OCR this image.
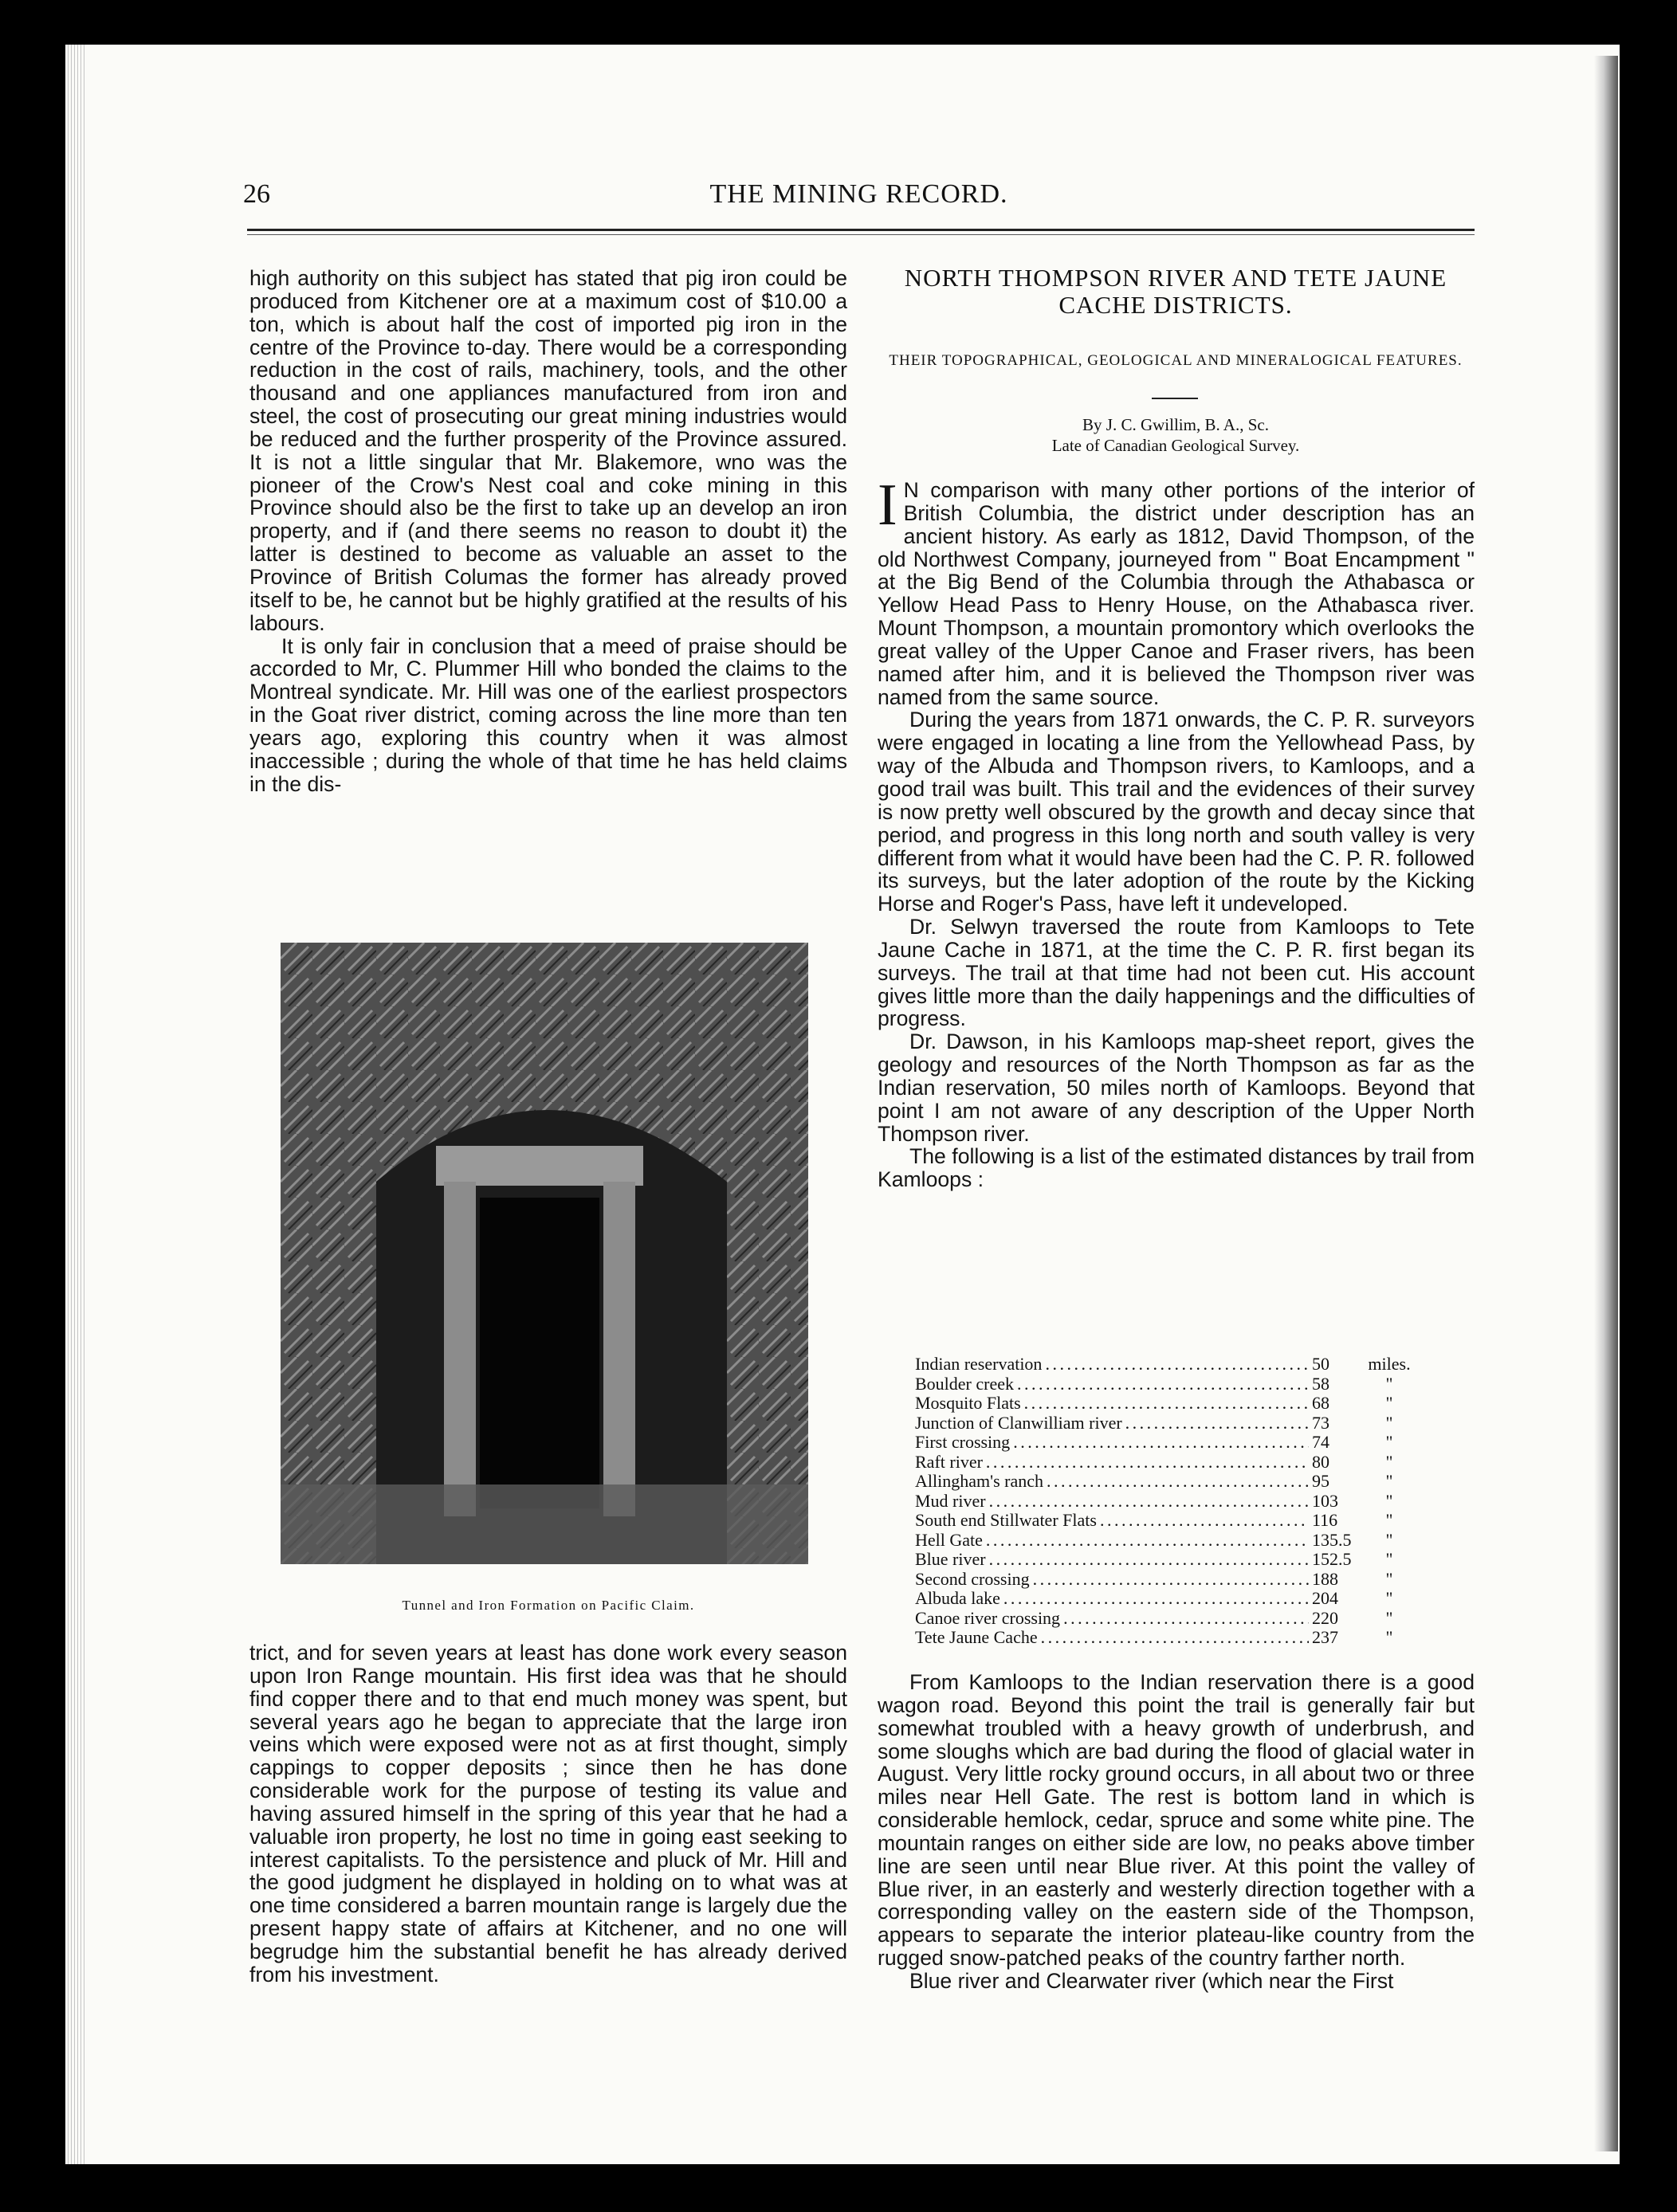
26	THE MINING RECORD.

high authority on this subject has stated that pig iron could be produced from Kitchener ore at a maximum cost of $10.00 a ton, which is about half the cost of imported pig iron in the centre of the Province to-day. There would be a corresponding reduction in the cost of rails, machinery, tools, and the other thousand and one appliances manufactured from iron and steel, the cost of prosecuting our great mining industries would be reduced and the further prosperity of the Province assured. It is not a little singular that Mr. Blakemore, wno was the pioneer of the Crow's Nest coal and coke mining in this Province should also be the first to take up an develop an iron property, and if (and there seems no reason to doubt it) the latter is destined to become as valuable an asset to the Province of British Columas the former has already proved itself to be, he cannot but be highly gratified at the results of his labours.

It is only fair in conclusion that a meed of praise should be accorded to Mr, C. Plummer Hill who bonded the claims to the Montreal syndicate. Mr. Hill was one of the earliest prospectors in the Goat river district, coming across the line more than ten years ago, exploring this country when it was almost inaccessible ; during the whole of that time he has held claims in the dis-

Tunnel and Iron Formation on Pacific Claim.

trict, and for seven years at least has done work every season upon Iron Range mountain. His first idea was that he should find copper there and to that end much money was spent, but several years ago he began to appreciate that the large iron veins which were exposed were not as at first thought, simply cappings to copper deposits ; since then he has done considerable work for the purpose of testing its value and having assured himself in the spring of this year that he had a valuable iron property, he lost no time in going east seeking to interest capitalists. To the persistence and pluck of Mr. Hill and the good judgment he displayed in holding on to what was at one time considered a barren mountain range is largely due the present happy state of affairs at Kitchener, and no one will begrudge him the substantial benefit he has already derived from his investment.

NORTH THOMPSON RIVER AND TETE JAUNE CACHE DISTRICTS.
THEIR TOPOGRAPHICAL, GEOLOGICAL AND MINERALOGICAL FEATURES.
By J. C. Gwillim, B. A., Sc.
Late of Canadian Geological Survey.

I N comparison with many other portions of the interior of British Columbia, the district under description has an ancient history. As early as 1812, David Thompson, of the old Northwest Company, journeyed from " Boat Encampment " at the Big Bend of the Columbia through the Athabasca or Yellow Head Pass to Henry House, on the Athabasca river. Mount Thompson, a mountain promontory which overlooks the great valley of the Upper Canoe and Fraser rivers, has been named after him, and it is believed the Thompson river was named from the same source.

During the years from 1871 onwards, the C. P. R. surveyors were engaged in locating a line from the Yellowhead Pass, by way of the Albuda and Thompson rivers, to Kamloops, and a good trail was built. This trail and the evidences of their survey is now pretty well obscured by the growth and decay since that period, and progress in this long north and south valley is very different from what it would have been had the C. P. R. followed its surveys, but the later adoption of the route by the Kicking Horse and Roger's Pass, have left it undeveloped.

Dr. Selwyn traversed the route from Kamloops to Tete Jaune Cache in 1871, at the time the C. P. R. first began its surveys. The trail at that time had not been cut. His account gives little more than the daily happenings and the difficulties of progress.

Dr. Dawson, in his Kamloops map-sheet report, gives the geology and resources of the North Thompson as far as the Indian reservation, 50 miles north of Kamloops. Beyond that point I am not aware of any description of the Upper North Thompson river.

The following is a list of the estimated distances by trail from Kamloops :

Indian reservation . . .	50	miles.
Boulder creek . . .	58	"
Mosquito Flats . . .	68	"
Junction of Clanwilliam river . . .	73	"
First crossing . . .	74	"
Raft river . . .	80	"
Allingham's ranch . . .	95	"
Mud river . . .	103	"
South end Stillwater Flats . . .	116	"
Hell Gate . . .	135.5	"
Blue river . . .	152.5	"
Second crossing . . .	188	"
Albuda lake . . .	204	"
Canoe river crossing . . .	220	"
Tete Jaune Cache . . .	237	"

From Kamloops to the Indian reservation there is a good wagon road. Beyond this point the trail is generally fair but somewhat troubled with a heavy growth of underbrush, and some sloughs which are bad during the flood of glacial water in August. Very little rocky ground occurs, in all about two or three miles near Hell Gate. The rest is bottom land in which is considerable hemlock, cedar, spruce and some white pine. The mountain ranges on either side are low, no peaks above timber line are seen until near Blue river. At this point the valley of Blue river, in an easterly and westerly direction together with a corresponding valley on the eastern side of the Thompson, appears to separate the interior plateau-like country from the rugged snow-patched peaks of the country farther north.

Blue river and Clearwater river (which near the First
